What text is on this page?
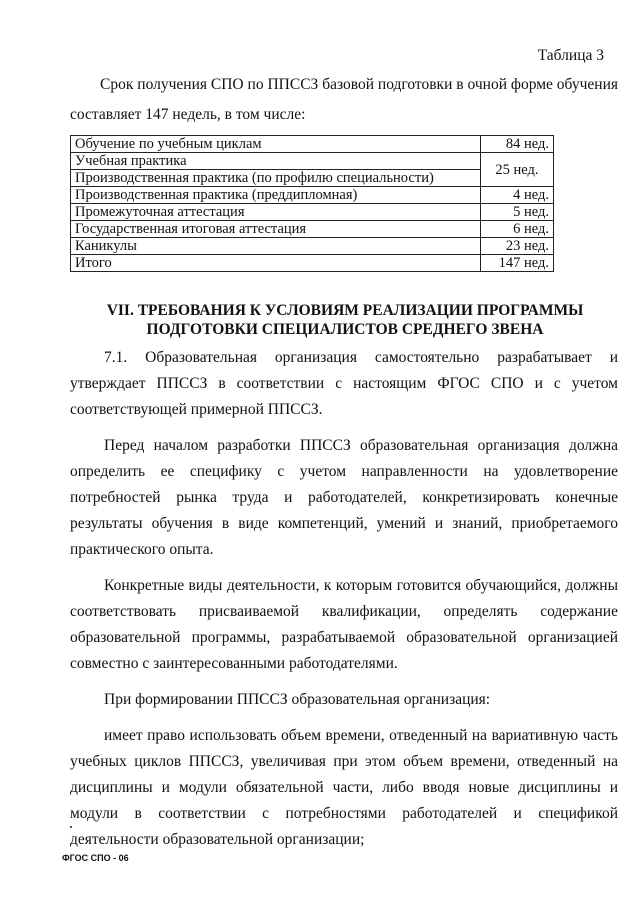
Таблица 3
Срок получения СПО по ППССЗ базовой подготовки в очной форме обучения составляет 147 недель, в том числе:
Обучение по учебным циклам	84 нед.
Учебная практика	25 нед.
Производственная практика (по профилю специальности)	
Производственная практика (преддипломная)	4 нед.
Промежуточная аттестация	5 нед.
Государственная итоговая аттестация	6 нед.
Каникулы	23 нед.
Итого	147 нед.
VII. ТРЕБОВАНИЯ К УСЛОВИЯМ РЕАЛИЗАЦИИ ПРОГРАММЫ ПОДГОТОВКИ СПЕЦИАЛИСТОВ СРЕДНЕГО ЗВЕНА

7.1. Образовательная организация самостоятельно разрабатывает и утверждает ППССЗ в соответствии с настоящим ФГОС СПО и с учетом соответствующей примерной ППССЗ.

Перед началом разработки ППССЗ образовательная организация должна определить ее специфику с учетом направленности на удовлетворение потребностей рынка труда и работодателей, конкретизировать конечные результаты обучения в виде компетенций, умений и знаний, приобретаемого практического опыта.

Конкретные виды деятельности, к которым готовится обучающийся, должны соответствовать присваиваемой квалификации, определять содержание образовательной программы, разрабатываемой образовательной организацией совместно с заинтересованными работодателями.

При формировании ППССЗ образовательная организация:

имеет право использовать объем времени, отведенный на вариативную часть учебных циклов ППССЗ, увеличивая при этом объем времени, отведенный на дисциплины и модули обязательной части, либо вводя новые дисциплины и модули в соответствии с потребностями работодателей и спецификой деятельности образовательной организации;

ФГОС СПО - 06
